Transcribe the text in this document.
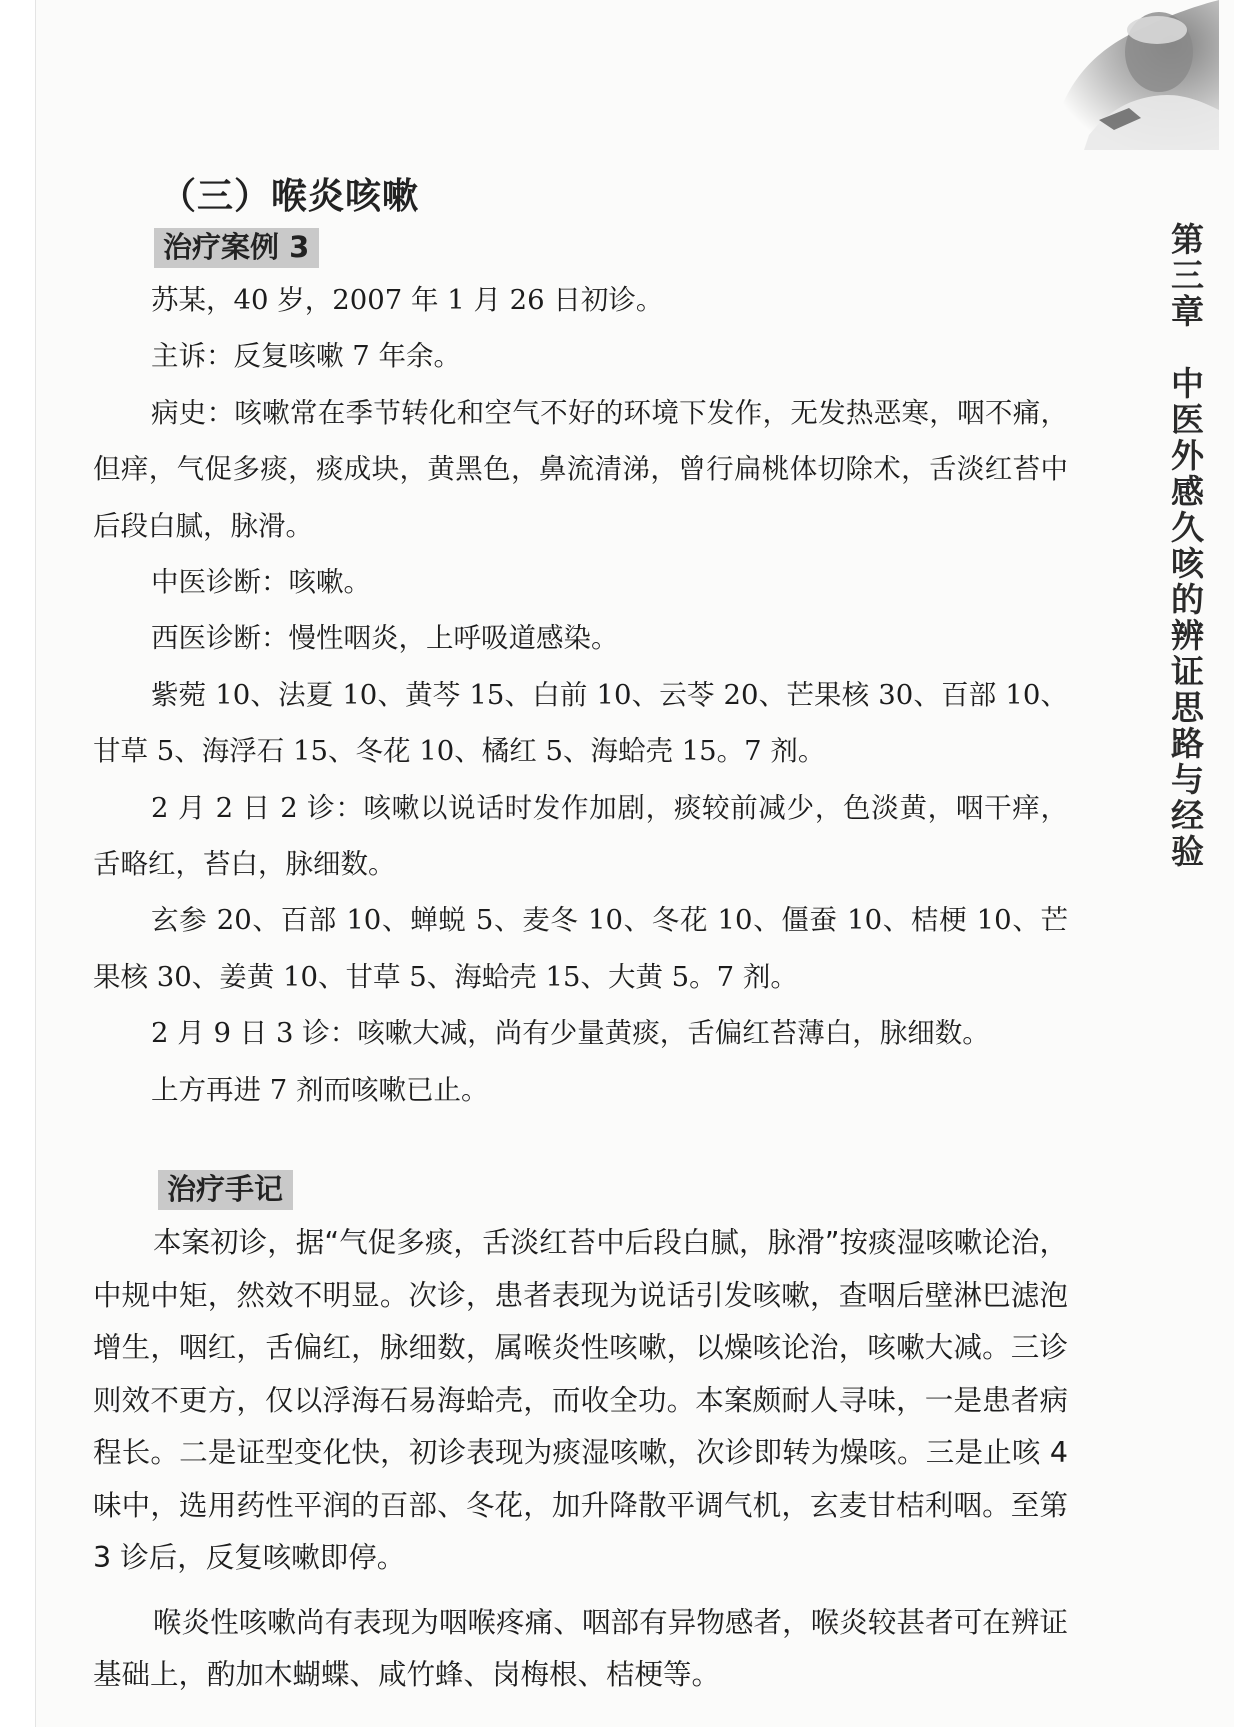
第三章　中医外感久咳的辨证思路与经验
（三）喉炎咳嗽
治疗案例 3

苏某，40 岁，2007 年 1 月 26 日初诊。

主诉：反复咳嗽 7 年余。

病史：咳嗽常在季节转化和空气不好的环境下发作，无发热恶寒，咽不痛，但痒，气促多痰，痰成块，黄黑色，鼻流清涕，曾行扁桃体切除术，舌淡红苔中后段白腻，脉滑。

中医诊断：咳嗽。

西医诊断：慢性咽炎，上呼吸道感染。

紫菀 10、法夏 10、黄芩 15、白前 10、云苓 20、芒果核 30、百部 10、甘草 5、海浮石 15、冬花 10、橘红 5、海蛤壳 15。7 剂。

2 月 2 日 2 诊：咳嗽以说话时发作加剧，痰较前减少，色淡黄，咽干痒，舌略红，苔白，脉细数。

玄参 20、百部 10、蝉蜕 5、麦冬 10、冬花 10、僵蚕 10、桔梗 10、芒果核 30、姜黄 10、甘草 5、海蛤壳 15、大黄 5。7 剂。

2 月 9 日 3 诊：咳嗽大减，尚有少量黄痰，舌偏红苔薄白，脉细数。

上方再进 7 剂而咳嗽已止。

治疗手记

本案初诊，据“气促多痰，舌淡红苔中后段白腻，脉滑”按痰湿咳嗽论治，中规中矩，然效不明显。次诊，患者表现为说话引发咳嗽，查咽后壁淋巴滤泡增生，咽红，舌偏红，脉细数，属喉炎性咳嗽，以燥咳论治，咳嗽大减。三诊则效不更方，仅以浮海石易海蛤壳，而收全功。本案颇耐人寻味，一是患者病程长。二是证型变化快，初诊表现为痰湿咳嗽，次诊即转为燥咳。三是止咳 4 味中，选用药性平润的百部、冬花，加升降散平调气机，玄麦甘桔利咽。至第 3 诊后，反复咳嗽即停。

喉炎性咳嗽尚有表现为咽喉疼痛、咽部有异物感者，喉炎较甚者可在辨证基础上，酌加木蝴蝶、咸竹蜂、岗梅根、桔梗等。
